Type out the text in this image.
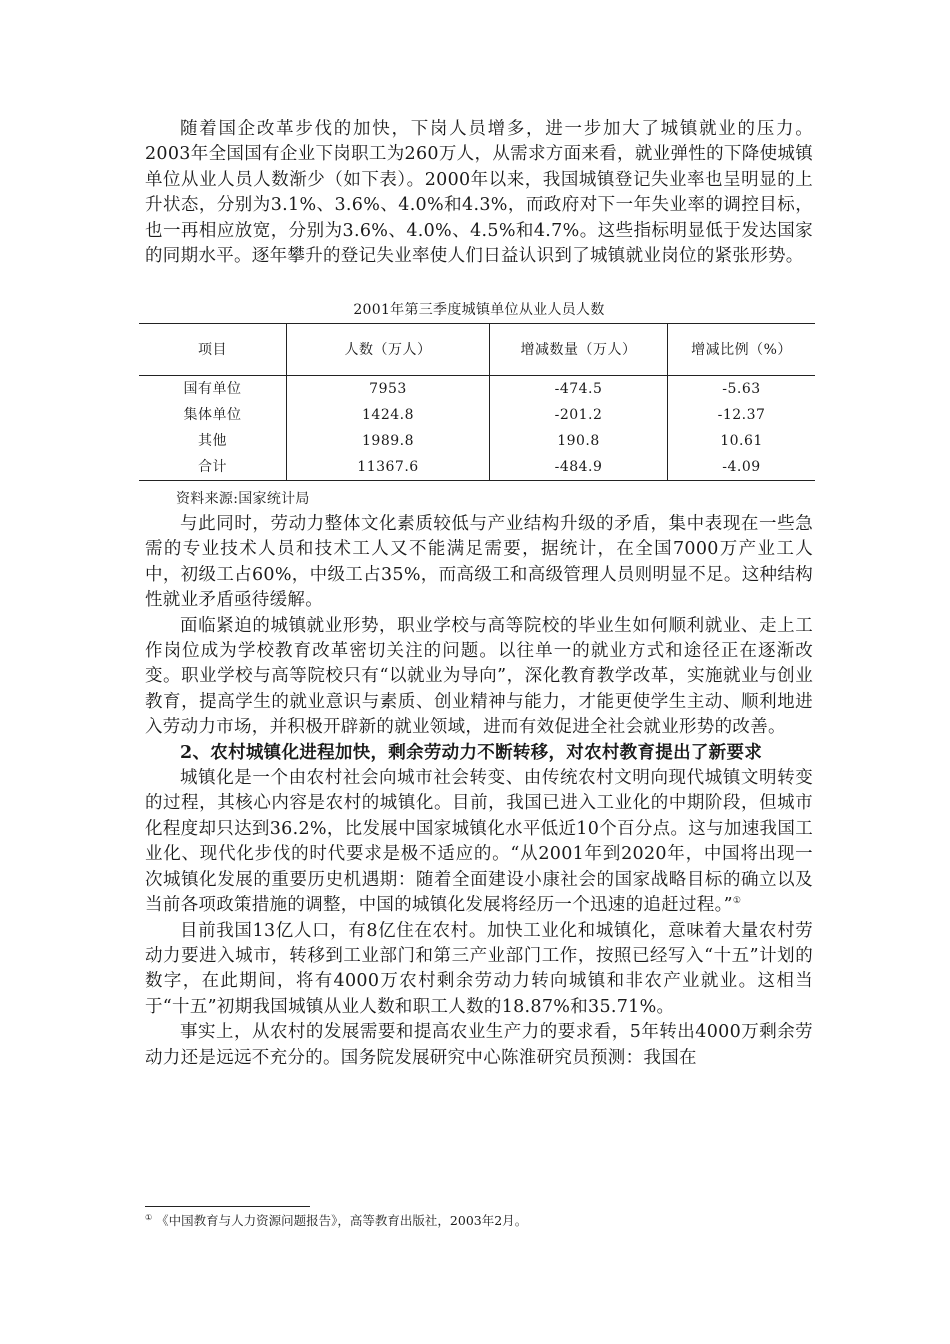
随着国企改革步伐的加快，下岗人员增多，进一步加大了城镇就业的压力。2003年全国国有企业下岗职工为260万人，从需求方面来看，就业弹性的下降使城镇单位从业人员人数渐少（如下表）。2000年以来，我国城镇登记失业率也呈明显的上升状态，分别为3.1%、3.6%、4.0%和4.3%，而政府对下一年失业率的调控目标，也一再相应放宽，分别为3.6%、4.0%、4.5%和4.7%。这些指标明显低于发达国家的同期水平。逐年攀升的登记失业率使人们日益认识到了城镇就业岗位的紧张形势。

2001年第三季度城镇单位从业人员人数
项目	人数（万人）	增减数量（万人）	增减比例（%）
国有单位	7953	-474.5	-5.63
集体单位	1424.8	-201.2	-12.37
其他	1989.8	190.8	10.61
合计	11367.6	-484.9	-4.09
资料来源:国家统计局

与此同时，劳动力整体文化素质较低与产业结构升级的矛盾，集中表现在一些急需的专业技术人员和技术工人又不能满足需要，据统计，在全国7000万产业工人中，初级工占60%，中级工占35%，而高级工和高级管理人员则明显不足。这种结构性就业矛盾亟待缓解。

面临紧迫的城镇就业形势，职业学校与高等院校的毕业生如何顺利就业、走上工作岗位成为学校教育改革密切关注的问题。以往单一的就业方式和途径正在逐渐改变。职业学校与高等院校只有“以就业为导向”，深化教育教学改革，实施就业与创业教育，提高学生的就业意识与素质、创业精神与能力，才能更使学生主动、顺利地进入劳动力市场，并积极开辟新的就业领域，进而有效促进全社会就业形势的改善。

2、农村城镇化进程加快，剩余劳动力不断转移，对农村教育提出了新要求

城镇化是一个由农村社会向城市社会转变、由传统农村文明向现代城镇文明转变的过程，其核心内容是农村的城镇化。目前，我国已进入工业化的中期阶段，但城市化程度却只达到36.2%，比发展中国家城镇化水平低近10个百分点。这与加速我国工业化、现代化步伐的时代要求是极不适应的。“从2001年到2020年，中国将出现一次城镇化发展的重要历史机遇期：随着全面建设小康社会的国家战略目标的确立以及当前各项政策措施的调整，中国的城镇化发展将经历一个迅速的追赶过程。”①

目前我国13亿人口，有8亿住在农村。加快工业化和城镇化，意味着大量农村劳动力要进入城市，转移到工业部门和第三产业部门工作，按照已经写入“十五”计划的数字，在此期间，将有4000万农村剩余劳动力转向城镇和非农产业就业。这相当于“十五”初期我国城镇从业人数和职工人数的18.87%和35.71%。

事实上，从农村的发展需要和提高农业生产力的要求看，5年转出4000万剩余劳动力还是远远不充分的。国务院发展研究中心陈淮研究员预测：我国在

① 《中国教育与人力资源问题报告》，高等教育出版社，2003年2月。
